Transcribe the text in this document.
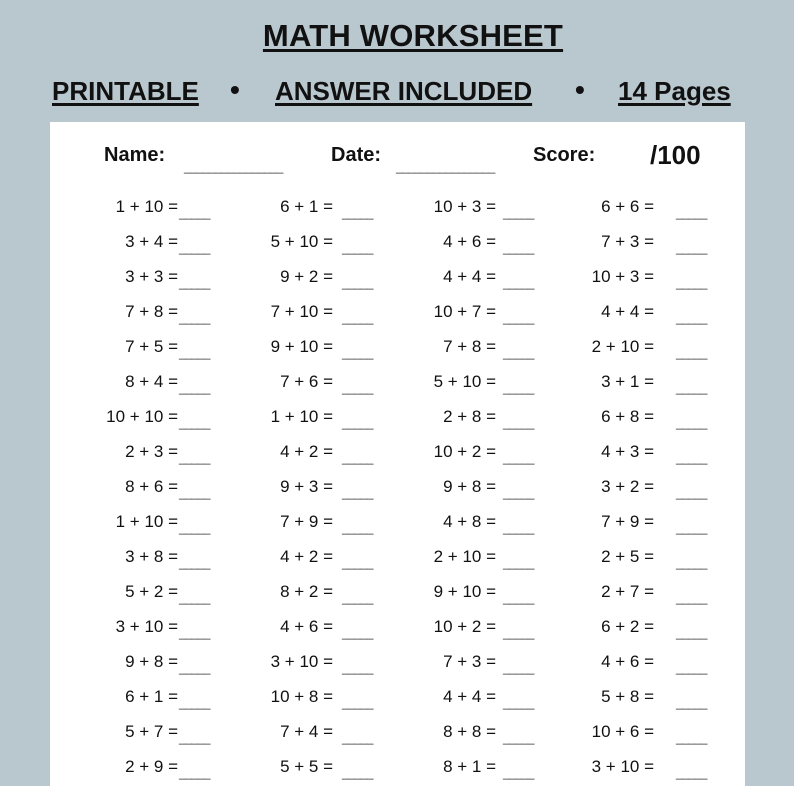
MATH WORKSHEET
PRINTABLE • ANSWER INCLUDED • 14 Pages
Name:
________________
Date:
________________
Score: /100
1 + 10 = _____
3 + 4 = _____
3 + 3 = _____
7 + 8 = _____
7 + 5 = _____
8 + 4 = _____
10 + 10 = _____
2 + 3 = _____
8 + 6 = _____
1 + 10 = _____
3 + 8 = _____
5 + 2 = _____
3 + 10 = _____
9 + 8 = _____
6 + 1 = _____
5 + 7 = _____
2 + 9 = _____
6 + 1 = _____
5 + 10 = _____
9 + 2 = _____
7 + 10 = _____
9 + 10 = _____
7 + 6 = _____
1 + 10 = _____
4 + 2 = _____
9 + 3 = _____
7 + 9 = _____
4 + 2 = _____
8 + 2 = _____
4 + 6 = _____
3 + 10 = _____
10 + 8 = _____
7 + 4 = _____
5 + 5 = _____
10 + 3 = _____
4 + 6 = _____
4 + 4 = _____
10 + 7 = _____
7 + 8 = _____
5 + 10 = _____
2 + 8 = _____
10 + 2 = _____
9 + 8 = _____
4 + 8 = _____
2 + 10 = _____
9 + 10 = _____
10 + 2 = _____
7 + 3 = _____
4 + 4 = _____
8 + 8 = _____
8 + 1 = _____
6 + 6 = _____
7 + 3 = _____
10 + 3 = _____
4 + 4 = _____
2 + 10 = _____
3 + 1 = _____
6 + 8 = _____
4 + 3 = _____
3 + 2 = _____
7 + 9 = _____
2 + 5 = _____
2 + 7 = _____
6 + 2 = _____
4 + 6 = _____
5 + 8 = _____
10 + 6 = _____
3 + 10 = _____
